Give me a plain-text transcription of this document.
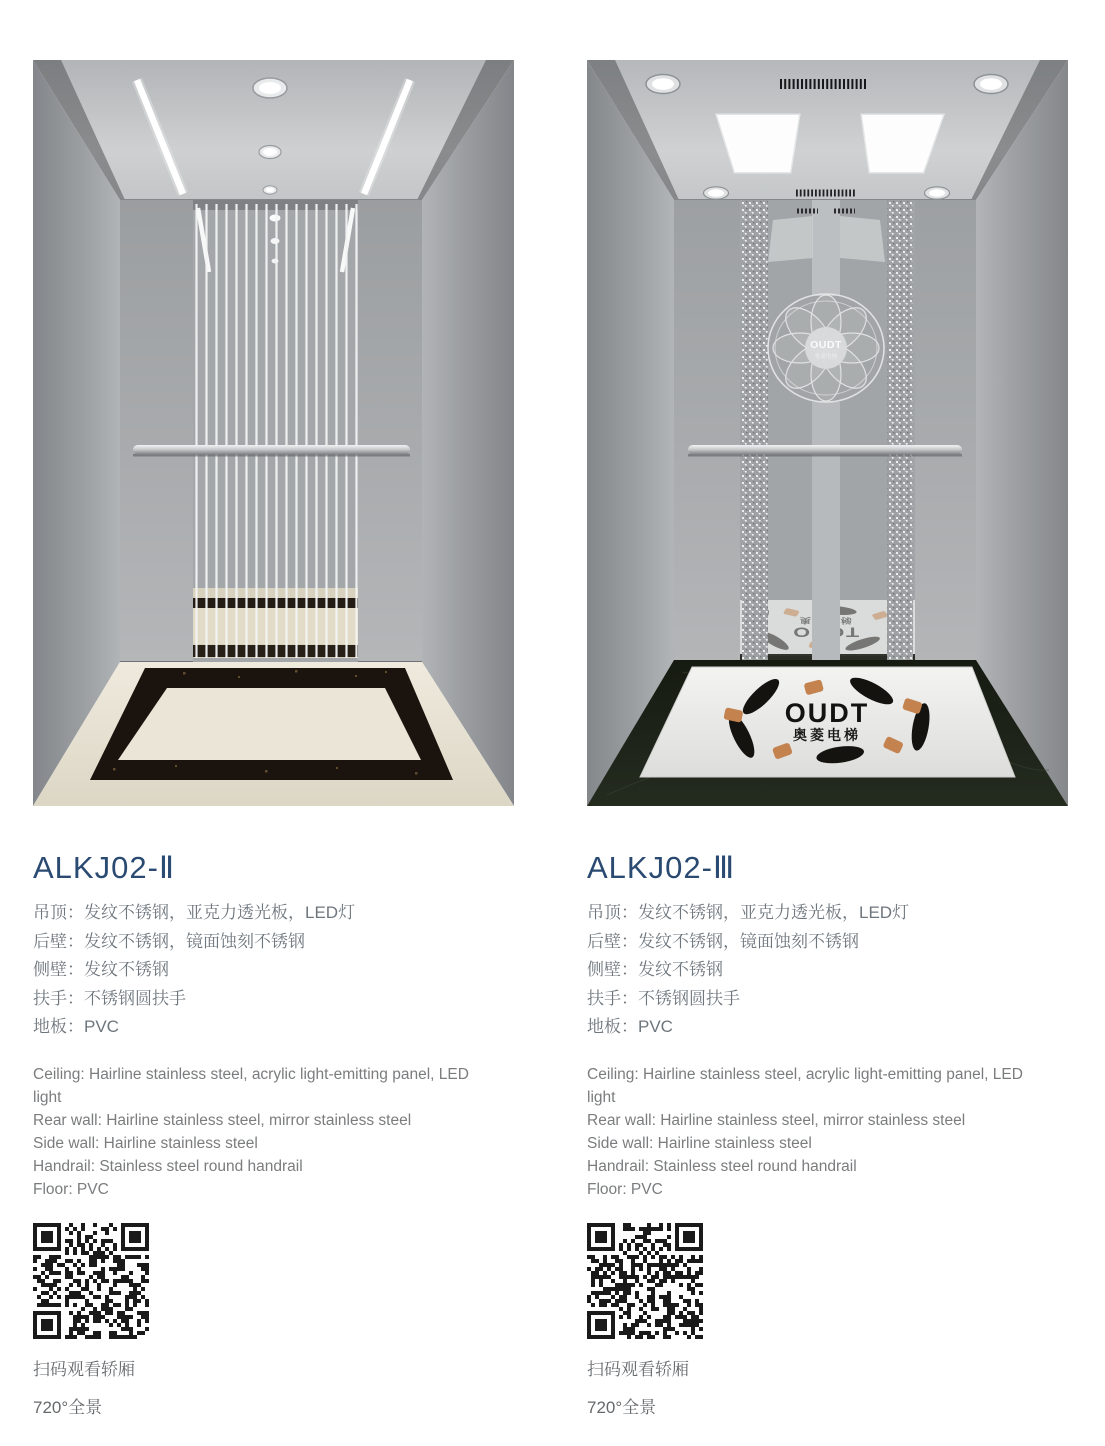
ALKJ02-Ⅱ
吊顶：发纹不锈钢，亚克力透光板，LED灯
后壁：发纹不锈钢，镜面蚀刻不锈钢
侧壁：发纹不锈钢
扶手：不锈钢圆扶手
地板：PVC

Ceiling: Hairline stainless steel, acrylic light-emitting panel, LED light

Rear wall: Hairline stainless steel, mirror stainless steel

Side wall: Hairline stainless steel

Handrail: Stainless steel round handrail

Floor: PVC

扫码观看轿厢

720°全景

OUDT
奥菱电梯
ALKJ02-Ⅲ
吊顶：发纹不锈钢，亚克力透光板，LED灯
后壁：发纹不锈钢，镜面蚀刻不锈钢
侧壁：发纹不锈钢
扶手：不锈钢圆扶手
地板：PVC

Ceiling: Hairline stainless steel, acrylic light-emitting panel, LED light

Rear wall: Hairline stainless steel, mirror stainless steel

Side wall: Hairline stainless steel

Handrail: Stainless steel round handrail

Floor: PVC

扫码观看轿厢

720°全景
